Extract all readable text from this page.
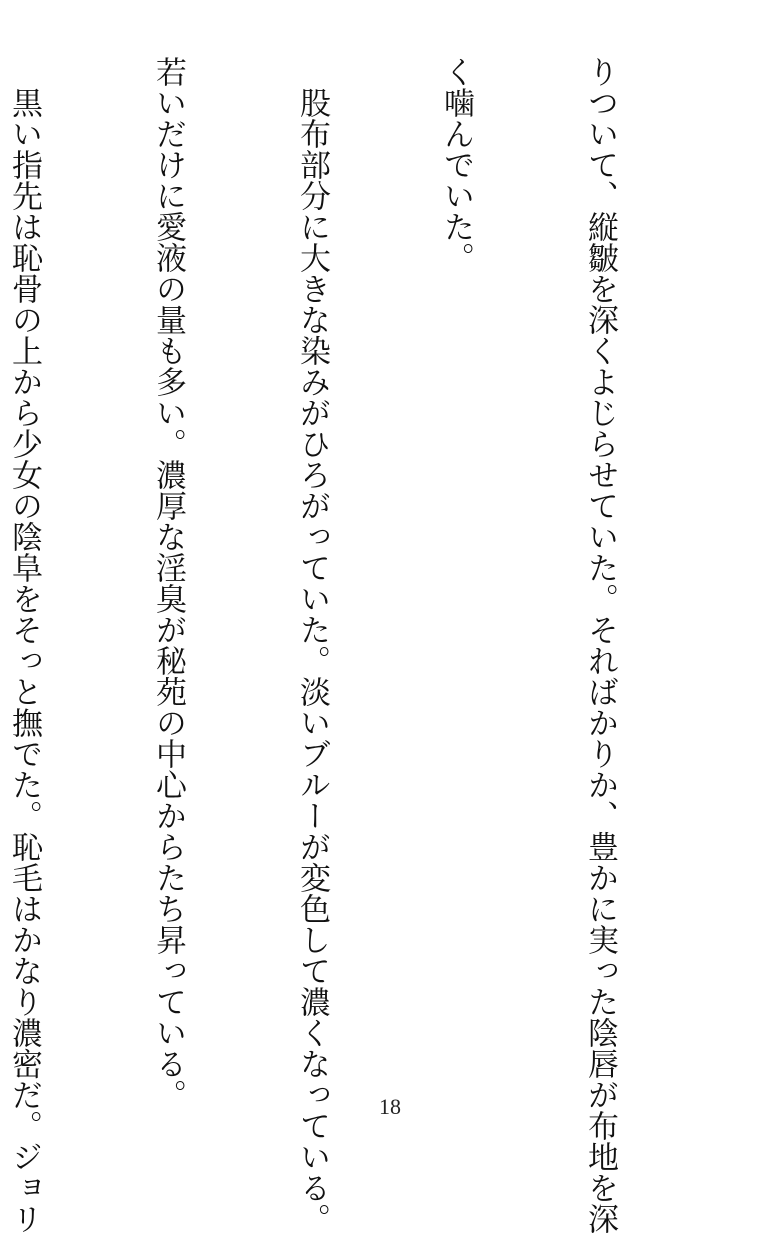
りついて、縦皺を深くよじらせていた。そればかりか、豊かに実った陰唇が布地を深

く噛んでいた。

　股布部分に大きな染みがひろがっていた。淡いブルーが変色して濃くなっている。

若いだけに愛液の量も多い。濃厚な淫臭が秘苑の中心からたち昇っている。

　黒い指先は恥骨の上から少女の陰阜をそっと撫でた。恥毛はかなり濃密だ。ジョリ

	18
